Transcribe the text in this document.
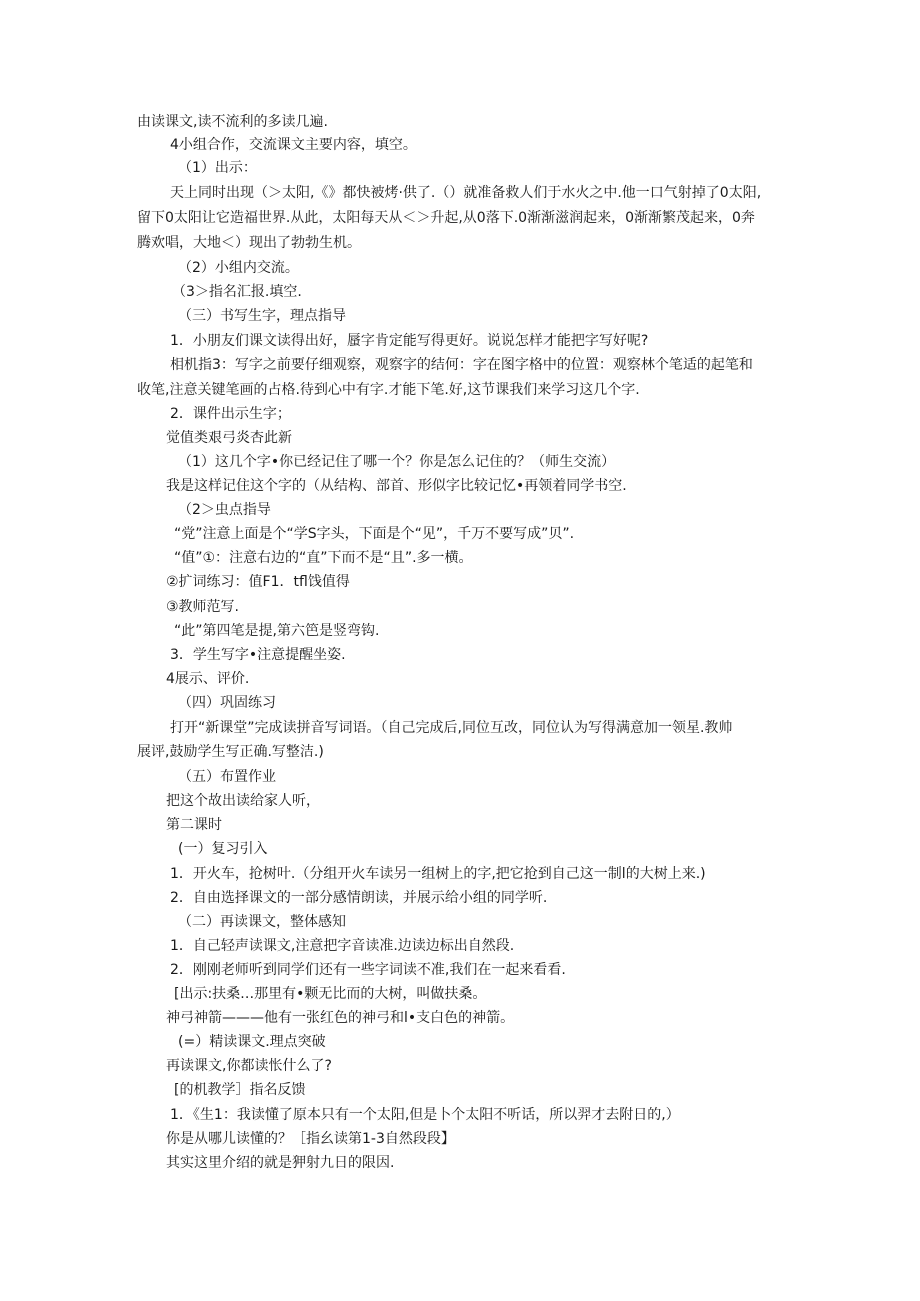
由读课文,读不流利的多读几遍.
4小组合作，交流课文主要内容，填空。
（1）出示：
天上同时出现（＞太阳,《》都快被烤·供了.（）就准备救人们于水火之中.他一口气射掉了0太阳,
留下0太阳让它造福世界.从此，太阳每天从＜＞升起,从0落下.0渐渐滋润起来，0渐渐繁茂起来，0奔
腾欢唱，大地＜）现出了勃勃生机。
（2）小组内交流。
（3＞指名汇报.填空.
（三）书写生字，理点指导
1．小朋友们课文读得出好，蜃字肯定能写得更好。说说怎样才能把字写好呢?
相机指3：写字之前要仔细观察，观察字的结何：字在图字格中的位置：观察林个笔适的起笔和
收笔,注意关键笔画的占格.待到心中有字.才能下笔.好,这节课我们来学习这几个字.
2．课件出示生字；
觉值类艰弓炎杏此新
（1）这几个字•你已经记住了哪一个？你是怎么记住的？（师生交流）
我是这样记住这个字的（从结构、部首、形似字比较记忆•再领着同学书空.
（2＞虫点指导
“党”注意上面是个“学S字头，下面是个“见”，千万不要写成”贝”.
“值”①：注意右边的“直”下而不是“且”.多一横。
②扩词练习：值F1．tfl饯值得
③教师范写.
“此”第四笔是提,第六笆是竖弯钩.
3．学生写字•注意提醒坐姿.
4展示、评价.
（四）巩固练习
打开“新课堂”完成读拼音写词语。（自己完成后,同位互改，同位认为写得满意加一领星.教帅
展评,鼓励学生写正确.写整洁.)
（五）布置作业
把这个故出读给家人听，
第二课时
(一）复习引入
1．开火车，抢树叶.（分组开火车读另一组树上的字,把它抢到自己这一制l的大树上来.)
2．自由选择课文的一部分感情朗读，并展示给小组的同学听.
（二）再读课文，整体感知
1．自己轻声读课文,注意把字音读准.边读边标出自然段.
2．刚刚老师听到同学们还有一些字词读不准,我们在一起来看看.
[出示:扶桑…那里有•颗无比而的大树，叫做扶桑。
神弓神箭———他有一张红色的神弓和l•支白色的神箭。
(=）精读课文.理点突破
再读课文,你都读怅什么了?
[的机教学］指名反馈
1．《生1：我读懂了原本只有一个太阳,但是卜个太阳不听话，所以羿才去附日的,）
你是从哪儿读懂的？［指幺读第1-3自然段段】
其实这里介绍的就是狎射九日的限因.
